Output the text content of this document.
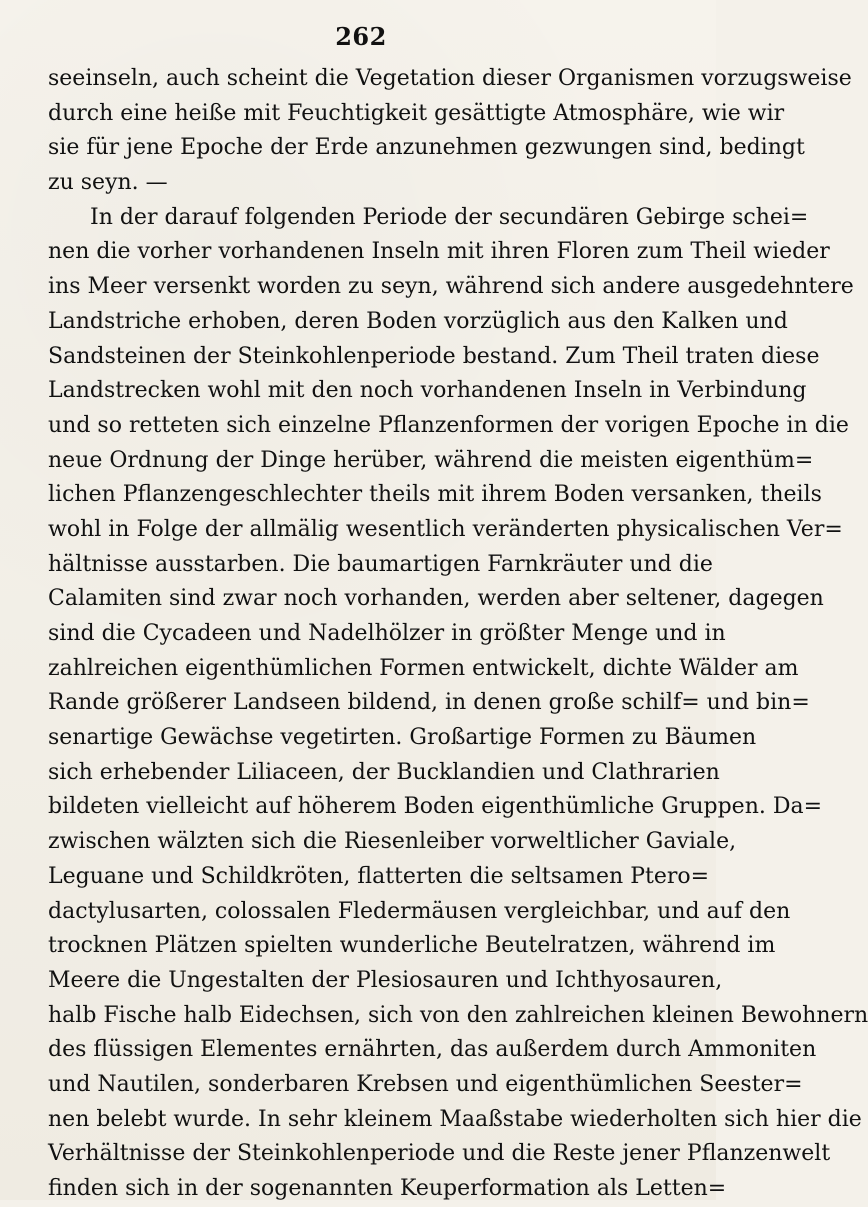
262
seeinseln, auch scheint die Vegetation dieser Organismen vorzugsweise
durch eine heiße mit Feuchtigkeit gesättigte Atmosphäre, wie wir
sie für jene Epoche der Erde anzunehmen gezwungen sind, bedingt
zu seyn. —
In der darauf folgenden Periode der secundären Gebirge schei=
nen die vorher vorhandenen Inseln mit ihren Floren zum Theil wieder
ins Meer versenkt worden zu seyn, während sich andere ausgedehntere
Landstriche erhoben, deren Boden vorzüglich aus den Kalken und
Sandsteinen der Steinkohlenperiode bestand. Zum Theil traten diese
Landstrecken wohl mit den noch vorhandenen Inseln in Verbindung
und so retteten sich einzelne Pflanzenformen der vorigen Epoche in die
neue Ordnung der Dinge herüber, während die meisten eigenthüm=
lichen Pflanzengeschlechter theils mit ihrem Boden versanken, theils
wohl in Folge der allmälig wesentlich veränderten physicalischen Ver=
hältnisse ausstarben. Die baumartigen Farnkräuter und die
Calamiten sind zwar noch vorhanden, werden aber seltener, dagegen
sind die Cycadeen und Nadelhölzer in größter Menge und in
zahlreichen eigenthümlichen Formen entwickelt, dichte Wälder am
Rande größerer Landseen bildend, in denen große schilf= und bin=
senartige Gewächse vegetirten. Großartige Formen zu Bäumen
sich erhebender Liliaceen, der Bucklandien und Clathrarien
bildeten vielleicht auf höherem Boden eigenthümliche Gruppen. Da=
zwischen wälzten sich die Riesenleiber vorweltlicher Gaviale,
Leguane und Schildkröten, flatterten die seltsamen Ptero=
dactylusarten, colossalen Fledermäusen vergleichbar, und auf den
trocknen Plätzen spielten wunderliche Beutelratzen, während im
Meere die Ungestalten der Plesiosauren und Ichthyosauren,
halb Fische halb Eidechsen, sich von den zahlreichen kleinen Bewohnern
des flüssigen Elementes ernährten, das außerdem durch Ammoniten
und Nautilen, sonderbaren Krebsen und eigenthümlichen Seester=
nen belebt wurde. In sehr kleinem Maaßstabe wiederholten sich hier die
Verhältnisse der Steinkohlenperiode und die Reste jener Pflanzenwelt
finden sich in der sogenannten Keuperformation als Letten=
